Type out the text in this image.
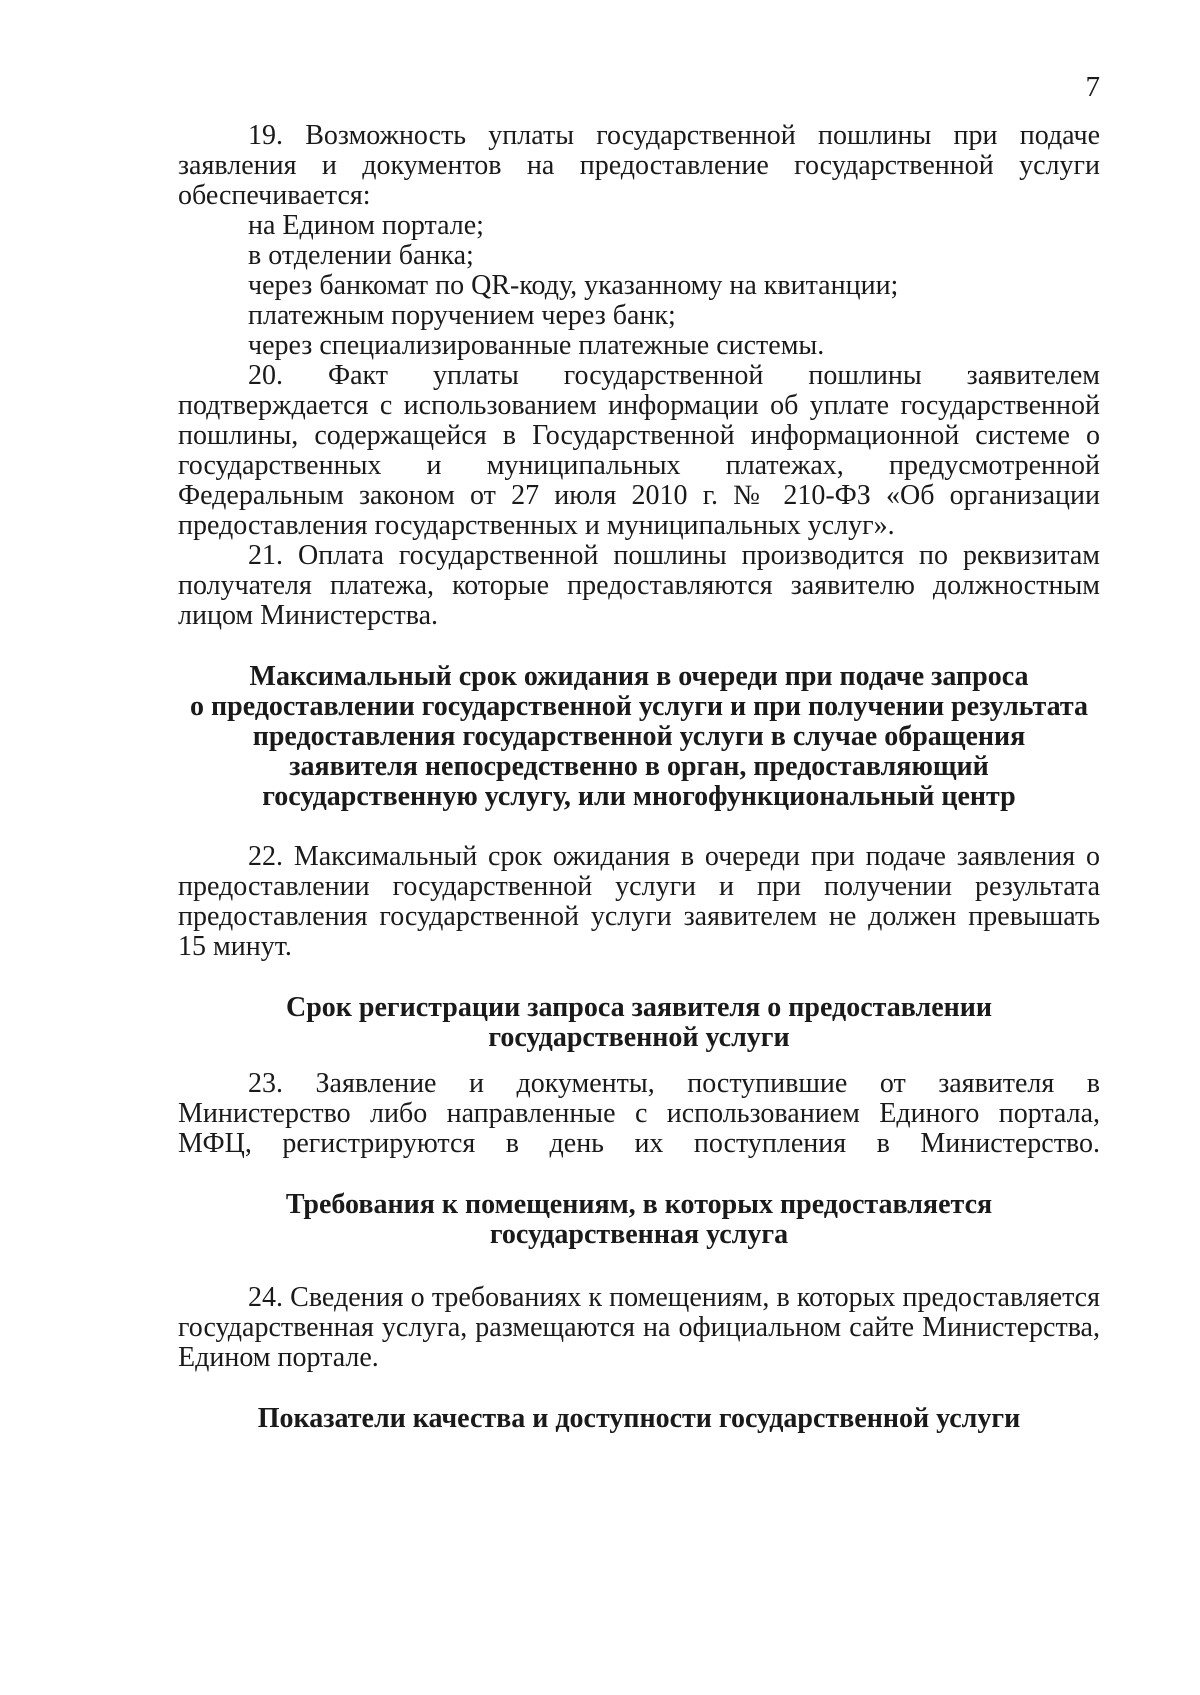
7

19. Возможность уплаты государственной пошлины при подаче заявления и документов на предоставление государственной услуги обеспечивается:

на Едином портале;

в отделении банка;

через банкомат по QR-коду, указанному на квитанции;

платежным поручением через банк;

через специализированные платежные системы.

20. Факт уплаты государственной пошлины заявителем подтверждается с использованием информации об уплате государственной пошлины, содержащейся в Государственной информационной системе о государственных и муниципальных платежах, предусмотренной Федеральным законом от 27 июля 2010 г. № 210-ФЗ «Об организации предоставления государственных и муниципальных услуг».

21. Оплата государственной пошлины производится по реквизитам получателя платежа, которые предоставляются заявителю должностным лицом Министерства.

Максимальный срок ожидания в очереди при подаче запроса
о предоставлении государственной услуги и при получении результата
предоставления государственной услуги в случае обращения
заявителя непосредственно в орган, предоставляющий
государственную услугу, или многофункциональный центр

22. Максимальный срок ожидания в очереди при подаче заявления о предоставлении государственной услуги и при получении результата предоставления государственной услуги заявителем не должен превышать 15 минут.

Срок регистрации запроса заявителя о предоставлении
государственной услуги

23. Заявление и документы, поступившие от заявителя в Министерство либо направленные с использованием Единого портала, МФЦ, регистрируются в день их поступления в Министерство.

Требования к помещениям, в которых предоставляется
государственная услуга

24. Сведения о требованиях к помещениям, в которых предоставляется государственная услуга, размещаются на официальном сайте Министерства, Едином портале.

Показатели качества и доступности государственной услуги
